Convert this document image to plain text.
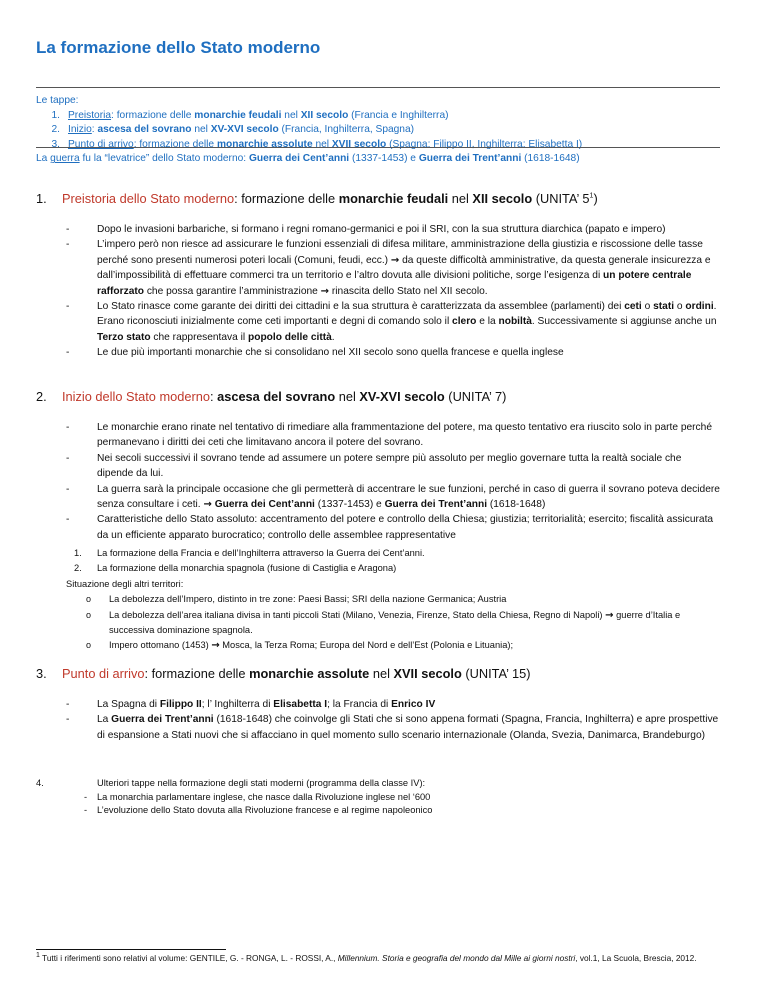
La formazione dello Stato moderno
Le tappe:
1. Preistoria: formazione delle monarchie feudali nel XII secolo (Francia e Inghilterra)
2. Inizio: ascesa del sovrano nel XV-XVI secolo (Francia, Inghilterra, Spagna)
3. Punto di arrivo: formazione delle monarchie assolute nel XVII secolo (Spagna: Filippo II, Inghilterra: Elisabetta I)
La guerra fu la “levatrice” dello Stato moderno: Guerra dei Cent’anni (1337-1453) e Guerra dei Trent’anni (1618-1648)
1. Preistoria dello Stato moderno: formazione delle monarchie feudali nel XII secolo (UNITA’ $5^1$)
- Dopo le invasioni barbariche, si formano i regni romano-germanici e poi il SRI, con la sua struttura diarchica (papato e impero)
- L’impero però non riesce ad assicurare le funzioni essenziali di difesa militare, amministrazione della giustizia e riscossione delle tasse perché sono presenti numerosi poteri locali (Comuni, feudi, ecc.) → da queste difficoltà amministrative, da questa generale insicurezza e dall’impossibilità di effettuare commerci tra un territorio e l’altro dovuta alle divisioni politiche, sorge l’esigenza di un potere centrale rafforzato che possa garantire l’amministrazione → rinascita dello Stato nel XII secolo.
- Lo Stato rinasce come garante dei diritti dei cittadini e la sua struttura è caratterizzata da assemblee (parlamenti) dei ceti o stati o ordini. Erano riconosciuti inizialmente come ceti importanti e degni di comando solo il clero e la nobiltà. Successivamente si aggiunse anche un Terzo stato che rappresentava il popolo delle città.
- Le due più importanti monarchie che si consolidano nel XII secolo sono quella francese e quella inglese
2. Inizio dello Stato moderno: ascesa del sovrano nel XV-XVI secolo (UNITA’ 7)
- Le monarchie erano rinate nel tentativo di rimediare alla frammentazione del potere, ma questo tentativo era riuscito solo in parte perché permanevano i diritti dei ceti che limitavano ancora il potere del sovrano.
- Nei secoli successivi il sovrano tende ad assumere un potere sempre più assoluto per meglio governare tutta la realtà sociale che dipende da lui.
- La guerra sarà la principale occasione che gli permetterà di accentrare le sue funzioni, perché in caso di guerra il sovrano poteva decidere senza consultare i ceti. → Guerra dei Cent’anni (1337-1453) e Guerra dei Trent’anni (1618-1648)
- Caratteristiche dello Stato assoluto: accentramento del potere e controllo della Chiesa; giustizia; territorialità; esercito; fiscalità assicurata da un efficiente apparato burocratico; controllo delle assemblee rappresentative
1. La formazione della Francia e dell’Inghilterra attraverso la Guerra dei Cent’anni.
2. La formazione della monarchia spagnola (fusione di Castiglia e Aragona)
Situazione degli altri territori:
o La debolezza dell’Impero, distinto in tre zone: Paesi Bassi; SRI della nazione Germanica; Austria
o La debolezza dell’area italiana divisa in tanti piccoli Stati (Milano, Venezia, Firenze, Stato della Chiesa, Regno di Napoli) → guerre d’Italia e successiva dominazione spagnola.
o Impero ottomano (1453) → Mosca, la Terza Roma; Europa del Nord e dell’Est (Polonia e Lituania);
3. Punto di arrivo: formazione delle monarchie assolute nel XVII secolo (UNITA’ 15)
- La Spagna di Filippo II; l’ Inghilterra di Elisabetta I; la Francia di Enrico IV
- La Guerra dei Trent’anni (1618-1648) che coinvolge gli Stati che si sono appena formati (Spagna, Francia, Inghilterra) e apre prospettive di espansione a Stati nuovi che si affacciano in quel momento sullo scenario internazionale (Olanda, Svezia, Danimarca, Brandeburgo)
4.	Ulteriori tappe nella formazione degli stati moderni (programma della classe IV):
- La monarchia parlamentare inglese, che nasce dalla Rivoluzione inglese nel ‘600
- L’evoluzione dello Stato dovuta alla Rivoluzione francese e al regime napoleonico
$^1$ Tutti i riferimenti sono relativi al volume: GENTILE, G. - RONGA, L. - ROSSI, A., Millennium. Storia e geografia del mondo dal Mille ai giorni nostri, vol.1, La Scuola, Brescia, 2012.
